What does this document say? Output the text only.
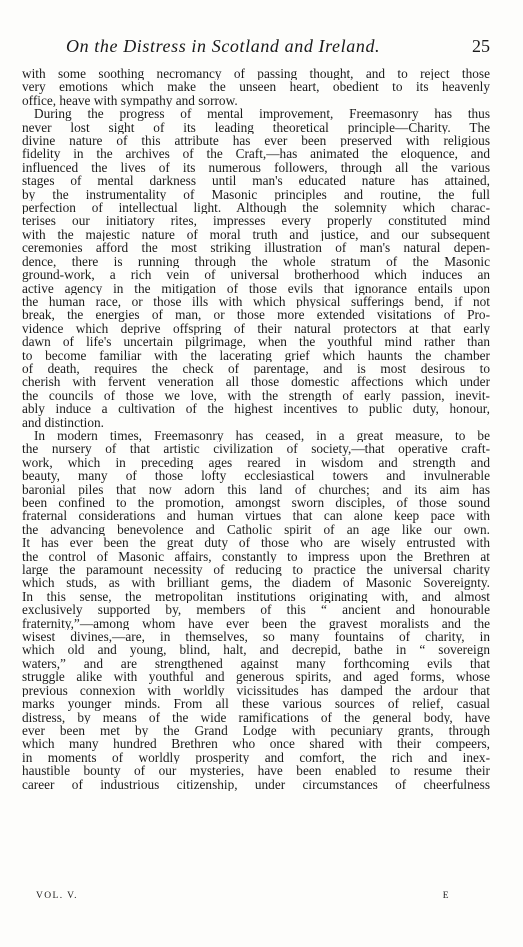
On the Distress in Scotland and Ireland.	25
with some soothing necromancy of passing thought, and to reject those
very emotions which make the unseen heart, obedient to its heavenly
office, heave with sympathy and sorrow.
During the progress of mental improvement, Freemasonry has thus
never lost sight of its leading theoretical principle—Charity. The
divine nature of this attribute has ever been preserved with religious
fidelity in the archives of the Craft,—has animated the eloquence, and
influenced the lives of its numerous followers, through all the various
stages of mental darkness until man's educated nature has attained,
by the instrumentality of Masonic principles and routine, the full
perfection of intellectual light. Although the solemnity which charac-
terises our initiatory rites, impresses every properly constituted mind
with the majestic nature of moral truth and justice, and our subsequent
ceremonies afford the most striking illustration of man's natural depen-
dence, there is running through the whole stratum of the Masonic
ground-work, a rich vein of universal brotherhood which induces an
active agency in the mitigation of those evils that ignorance entails upon
the human race, or those ills with which physical sufferings bend, if not
break, the energies of man, or those more extended visitations of Pro-
vidence which deprive offspring of their natural protectors at that early
dawn of life's uncertain pilgrimage, when the youthful mind rather than
to become familiar with the lacerating grief which haunts the chamber
of death, requires the check of parentage, and is most desirous to
cherish with fervent veneration all those domestic affections which under
the councils of those we love, with the strength of early passion, inevit-
ably induce a cultivation of the highest incentives to public duty, honour,
and distinction.
In modern times, Freemasonry has ceased, in a great measure, to be
the nursery of that artistic civilization of society,—that operative craft-
work, which in preceding ages reared in wisdom and strength and
beauty, many of those lofty ecclesiastical towers and invulnerable
baronial piles that now adorn this land of churches; and its aim has
been confined to the promotion, amongst sworn disciples, of those sound
fraternal considerations and human virtues that can alone keep pace with
the advancing benevolence and Catholic spirit of an age like our own.
It has ever been the great duty of those who are wisely entrusted with
the control of Masonic affairs, constantly to impress upon the Brethren at
large the paramount necessity of reducing to practice the universal charity
which studs, as with brilliant gems, the diadem of Masonic Sovereignty.
In this sense, the metropolitan institutions originating with, and almost
exclusively supported by, members of this “ ancient and honourable
fraternity,”—among whom have ever been the gravest moralists and the
wisest divines,—are, in themselves, so many fountains of charity, in
which old and young, blind, halt, and decrepid, bathe in “ sovereign
waters,” and are strengthened against many forthcoming evils that
struggle alike with youthful and generous spirits, and aged forms, whose
previous connexion with worldly vicissitudes has damped the ardour that
marks younger minds. From all these various sources of relief, casual
distress, by means of the wide ramifications of the general body, have
ever been met by the Grand Lodge with pecuniary grants, through
which many hundred Brethren who once shared with their compeers,
in moments of worldly prosperity and comfort, the rich and inex-
haustible bounty of our mysteries, have been enabled to resume their
career of industrious citizenship, under circumstances of cheerfulness
VOL. V.	E
